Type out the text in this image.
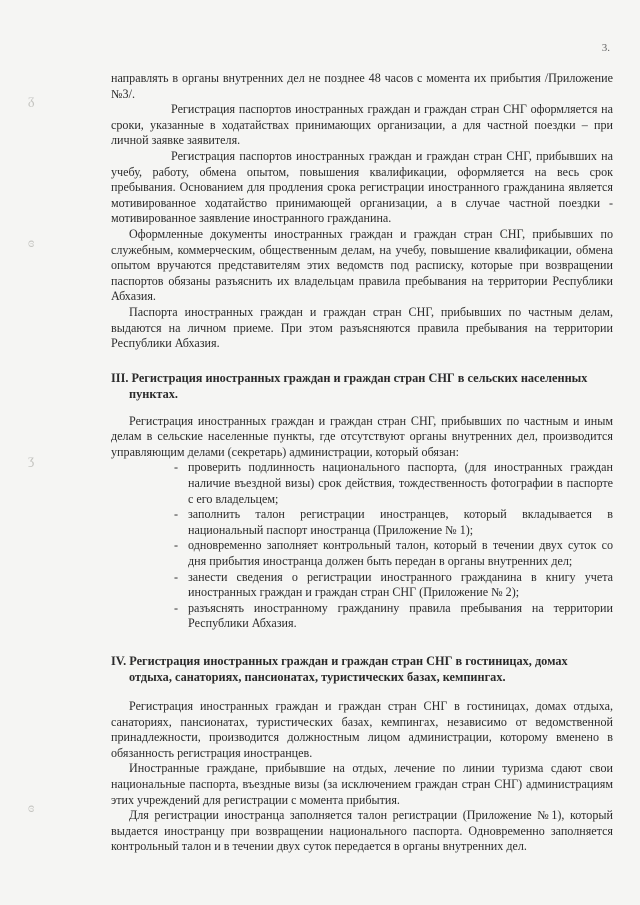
3.
ᵹ
ɞ
ʒ
ɞ

направлять в органы внутренних дел не позднее 48 часов с момента их прибытия /Приложение №3/.

Регистрация паспортов иностранных граждан и граждан стран СНГ оформляется на сроки, указанные в ходатайствах принимающих организации, а для частной поездки – при личной заявке заявителя.

Регистрация паспортов иностранных граждан и граждан стран СНГ, прибывших на учебу, работу, обмена опытом, повышения квалификации, оформляется на весь срок пребывания. Основанием для продления срока регистрации иностранного гражданина является мотивированное ходатайство принимающей организации, а в случае частной поездки - мотивированное заявление иностранного гражданина.

Оформленные документы иностранных граждан и граждан стран СНГ, прибывших по служебным, коммерческим, общественным делам, на учебу, повышение квалификации, обмена опытом вручаются представителям этих ведомств под расписку, которые при возвращении паспортов обязаны разъяснить их владельцам правила пребывания на территории Республики Абхазия.

Паспорта иностранных граждан и граждан стран СНГ, прибывших по частным делам, выдаются на личном приеме. При этом разъясняются правила пребывания на территории Республики Абхазия.

III. Регистрация иностранных граждан и граждан стран СНГ в сельских населенных пунктах.

Регистрация иностранных граждан и граждан стран СНГ, прибывших по частным и иным делам в сельские населенные пункты, где отсутствуют органы внутренних дел, производится управляющим делами (секретарь) администрации, который обязан:

- проверить подлинность национального паспорта, (для иностранных граждан наличие въездной визы) срок действия, тождественность фотографии в паспорте с его владельцем;
- заполнить талон регистрации иностранцев, который вкладывается в национальный паспорт иностранца (Приложение № 1);
- одновременно заполняет контрольный талон, который в течении двух суток со дня прибытия иностранца должен быть передан в органы внутренних дел;
- занести сведения о регистрации иностранного гражданина в книгу учета иностранных граждан и граждан стран СНГ (Приложение № 2);
- разъяснять иностранному гражданину правила пребывания на территории Республики Абхазия.
IV. Регистрация иностранных граждан и граждан стран СНГ в гостиницах, домах отдыха, санаториях, пансионатах, туристических базах, кемпингах.

Регистрация иностранных граждан и граждан стран СНГ в гостиницах, домах отдыха, санаториях, пансионатах, туристических базах, кемпингах, независимо от ведомственной принадлежности, производится должностным лицом администрации, которому вменено в обязанность регистрация иностранцев.

Иностранные граждане, прибывшие на отдых, лечение по линии туризма сдают свои национальные паспорта, въездные визы (за исключением граждан стран СНГ) администрациям этих учреждений для регистрации с момента прибытия.

Для регистрации иностранца заполняется талон регистрации (Приложение №1), который выдается иностранцу при возвращении национального паспорта. Одновременно заполняется контрольный талон и в течении двух суток передается в органы внутренних дел.
